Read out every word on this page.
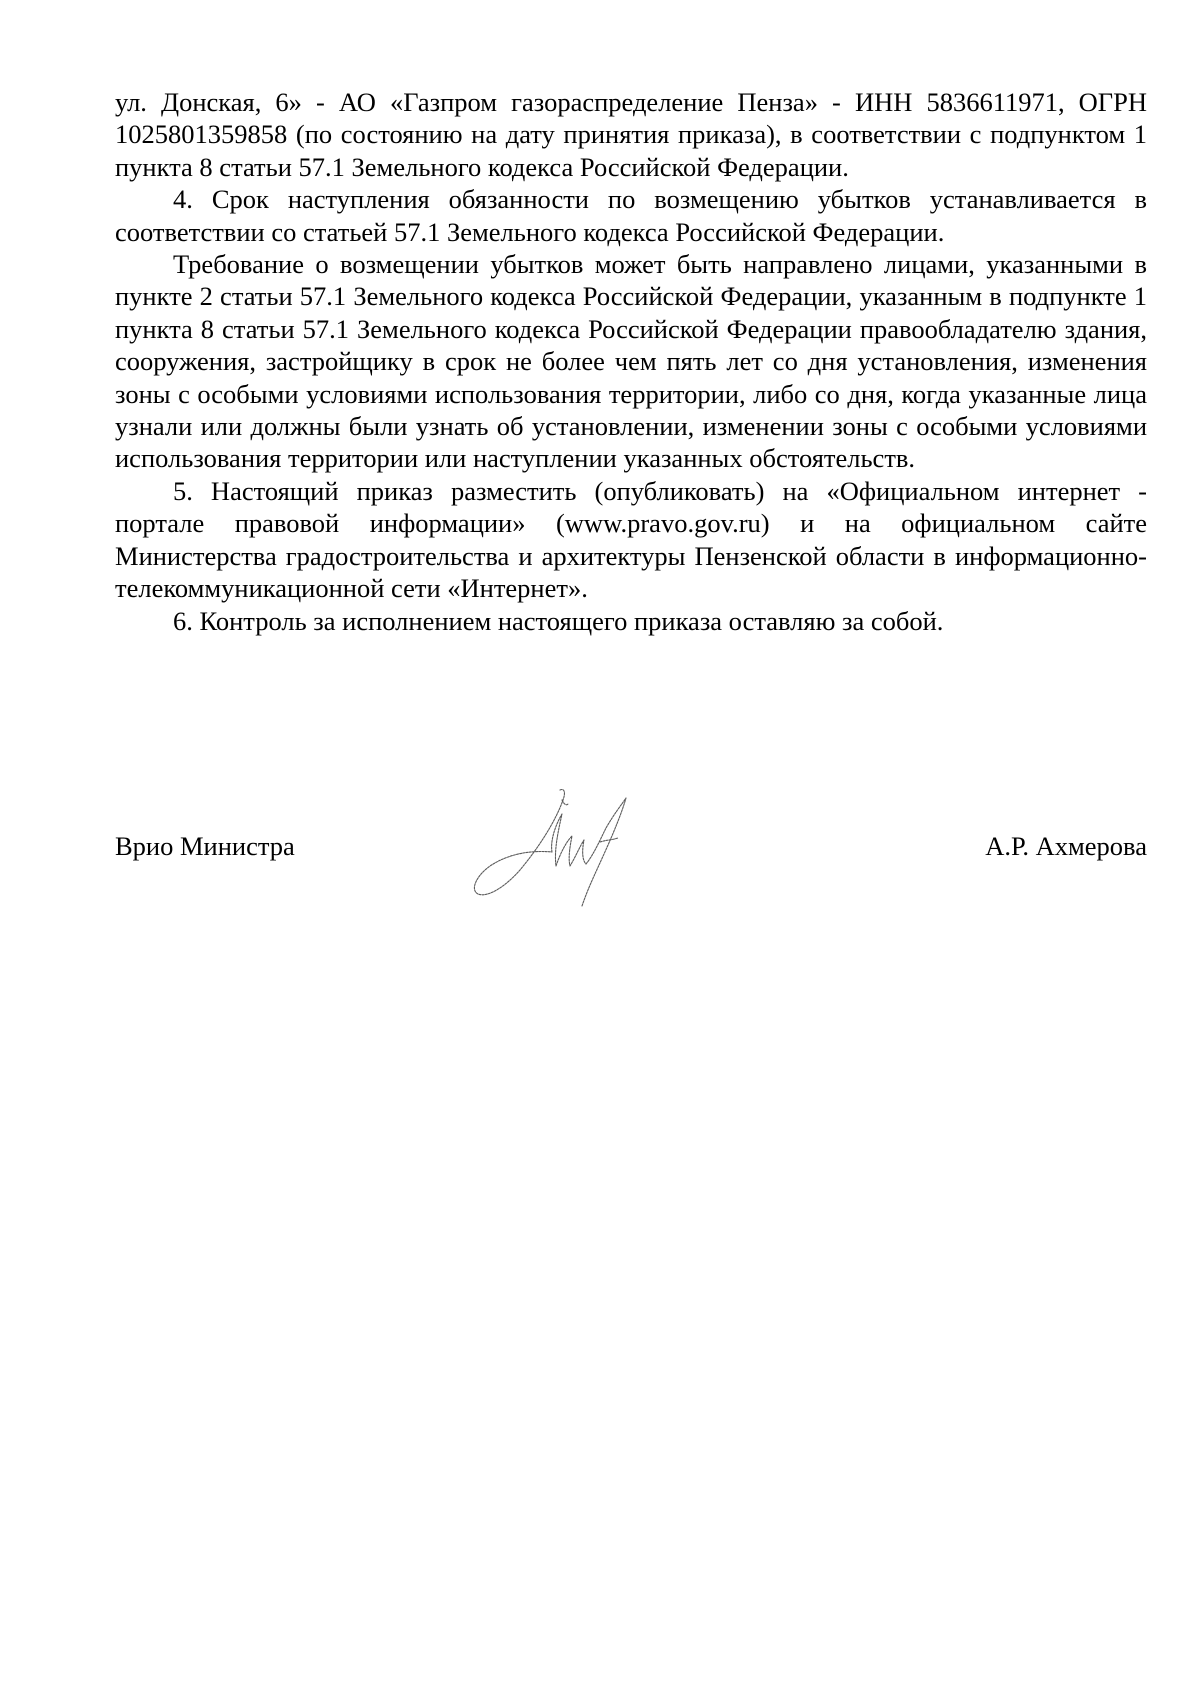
ул. Донская, 6» - АО «Газпром газораспределение Пенза» - ИНН 5836611971, ОГРН 1025801359858 (по состоянию на дату принятия приказа), в соответствии с подпунктом 1 пункта 8 статьи 57.1 Земельного кодекса Российской Федерации.

4. Срок наступления обязанности по возмещению убытков устанавливается в соответствии со статьей 57.1 Земельного кодекса Российской Федерации.

Требование о возмещении убытков может быть направлено лицами, указанными в пункте 2 статьи 57.1 Земельного кодекса Российской Федерации, указанным в подпункте 1 пункта 8 статьи 57.1 Земельного кодекса Российской Федерации правообладателю здания, сооружения, застройщику в срок не более чем пять лет со дня установления, изменения зоны с особыми условиями использования территории, либо со дня, когда указанные лица узнали или должны были узнать об установлении, изменении зоны с особыми условиями использования территории или наступлении указанных обстоятельств.

5. Настоящий приказ разместить (опубликовать) на «Официальном интернет - портале правовой информации» (www.pravo.gov.ru) и на официальном сайте Министерства градостроительства и архитектуры Пензенской области в информационно-телекоммуникационной сети «Интернет».

6. Контроль за исполнением настоящего приказа оставляю за собой.

Врио Министра	А.Р. Ахмерова
